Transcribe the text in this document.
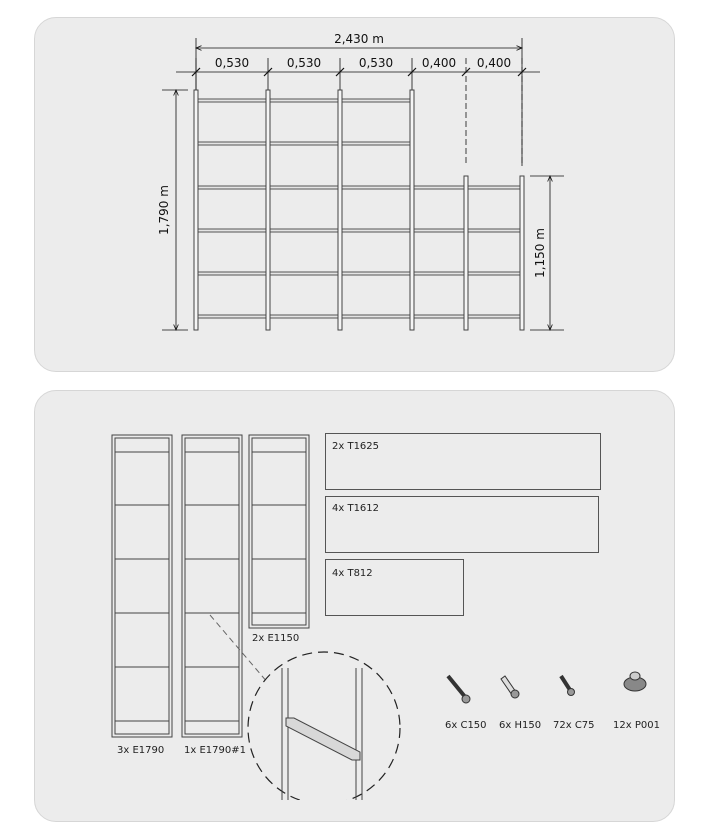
2,430 m
0,530	0,530	0,530 0,400 0,400
1,790 m
1,150 m
2x T1625
4x T1612
4x T812
3x E1790 1x E1790#1
2x E1150
6x C150 6x H150 72x C75 12x P001
